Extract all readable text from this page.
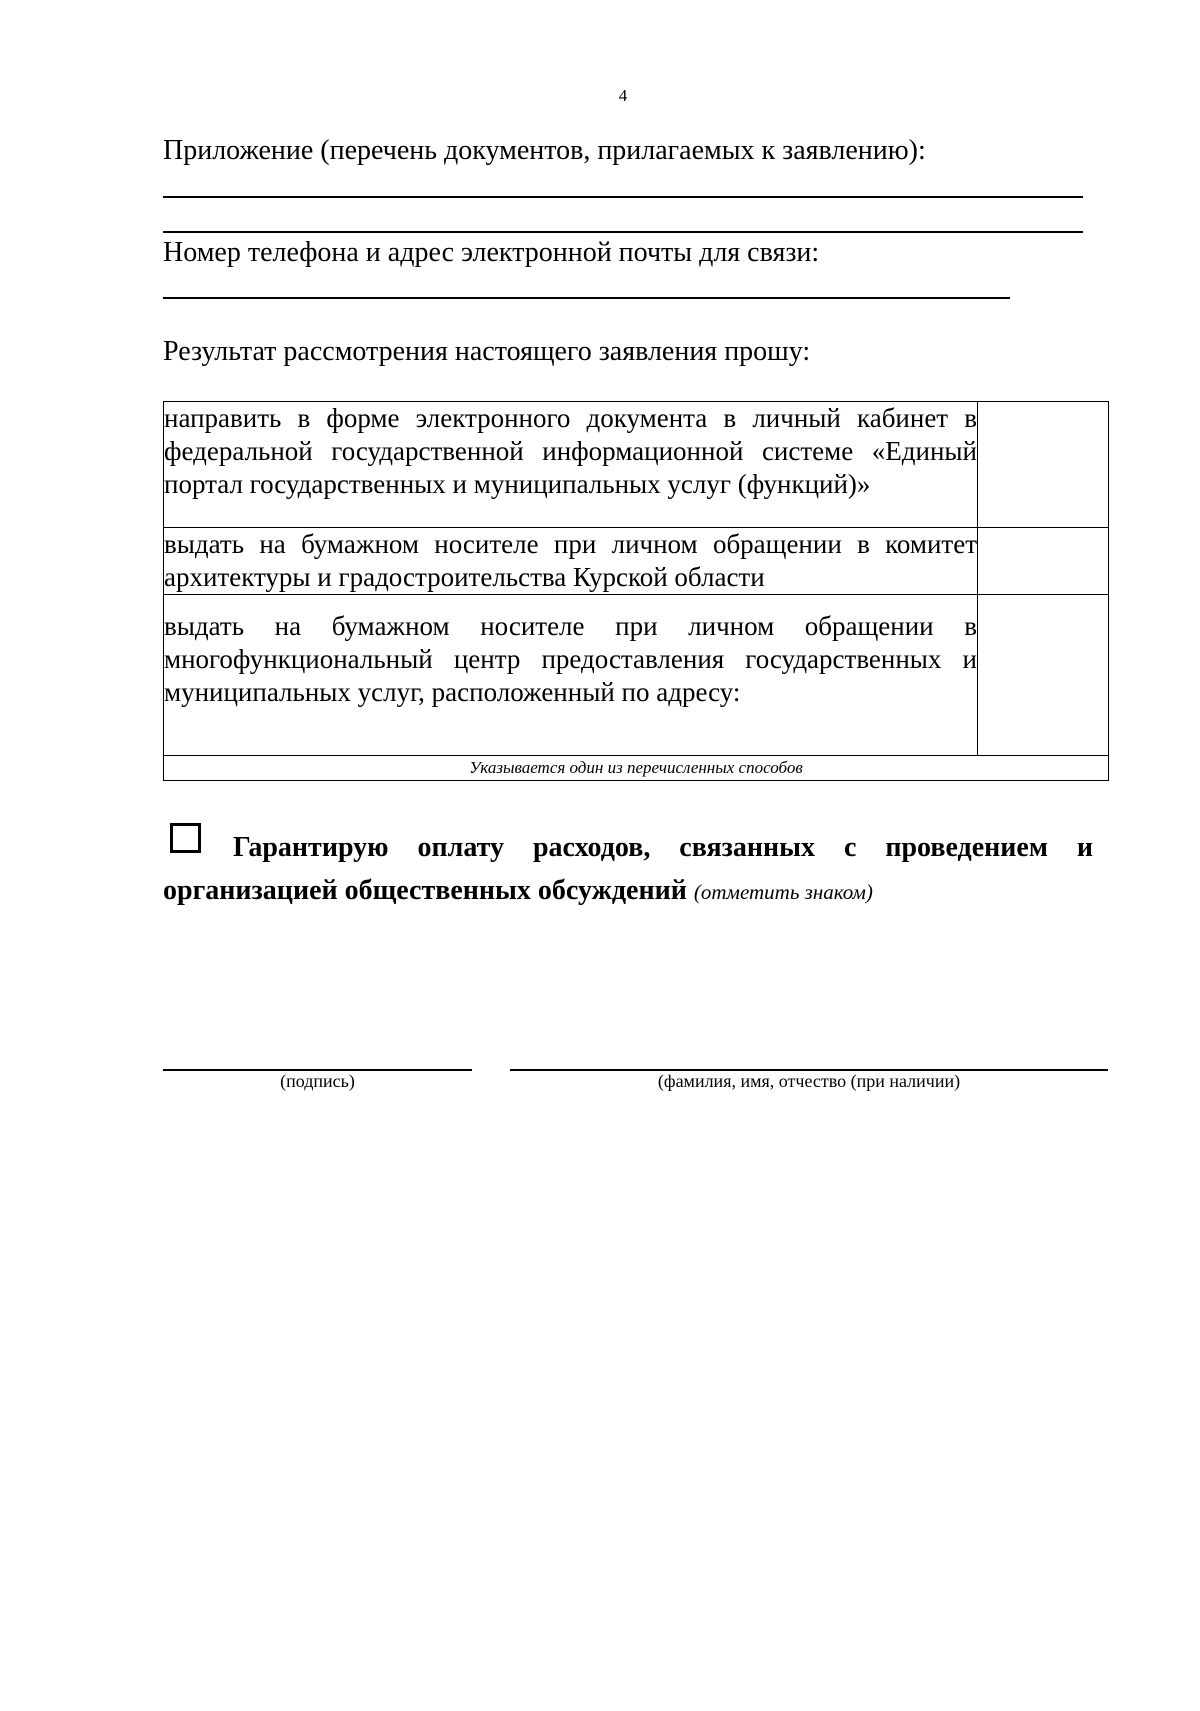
4
Приложение (перечень документов, прилагаемых к заявлению):
Номер телефона и адрес электронной почты для связи:
Результат рассмотрения настоящего заявления прошу:
направить в форме электронного документа в личный кабинет в федеральной государственной информационной системе «Единый портал государственных и муниципальных услуг (функций)»	
выдать на бумажном носителе при личном обращении в комитет архитектуры и градостроительства Курской области	
выдать на бумажном носителе при личном обращении в многофункциональный центр предоставления государственных и муниципальных услуг, расположенный по адресу:	
Указывается один из перечисленных способов	
Гарантирую оплату расходов, связанных с проведением и
организацией общественных обсуждений (отметить знаком)
(подпись)	(фамилия, имя, отчество (при наличии)
